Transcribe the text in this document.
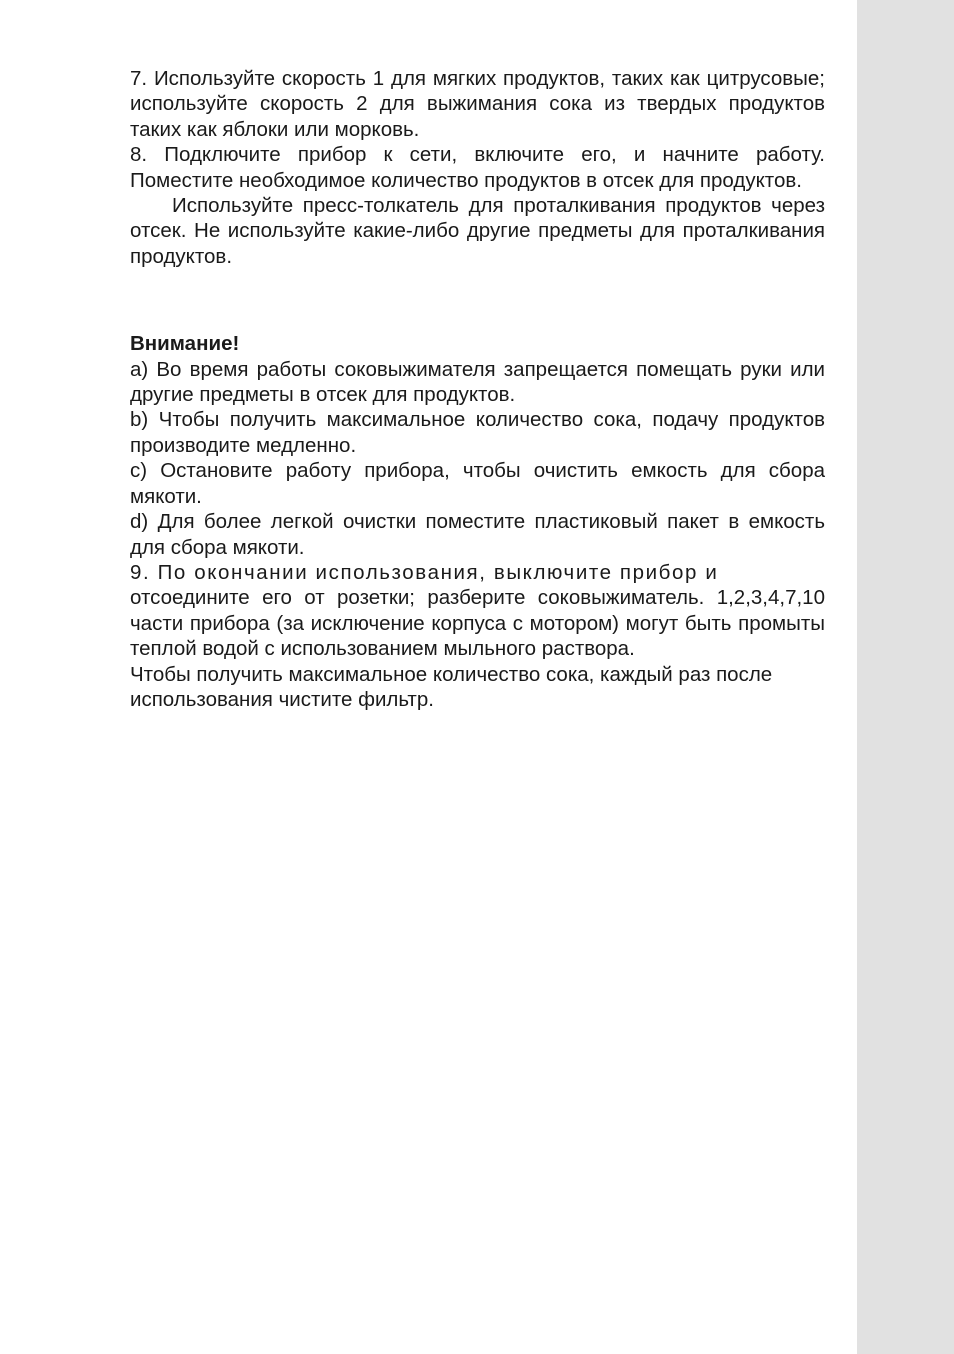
7. Используйте скорость 1 для мягких продуктов, таких как цитрусовые; используйте скорость 2 для выжимания сока из твердых продуктов таких как яблоки или морковь.

8. Подключите прибор к сети, включите его, и начните работу. Поместите необходимое количество продуктов в отсек для продуктов.

Используйте пресс-толкатель для проталкивания продуктов через отсек. Не используйте какие-либо другие предметы для проталкивания продуктов.

Внимание!

а) Во время работы соковыжимателя запрещается помещать руки или другие предметы в отсек для продуктов.

b) Чтобы получить максимальное количество сока, подачу продуктов производите медленно.

c) Остановите работу прибора, чтобы очистить емкость для сбора мякоти.

d) Для более легкой очистки поместите пластиковый пакет в емкость для сбора мякоти.

9. По окончании использования, выключите прибор и

отсоедините его от розетки; разберите соковыжиматель. 1,2,3,4,7,10 части прибора (за исключение корпуса с мотором) могут быть промыты теплой водой с использованием мыльного раствора.

Чтобы получить максимальное количество сока, каждый раз после использования чистите фильтр.
